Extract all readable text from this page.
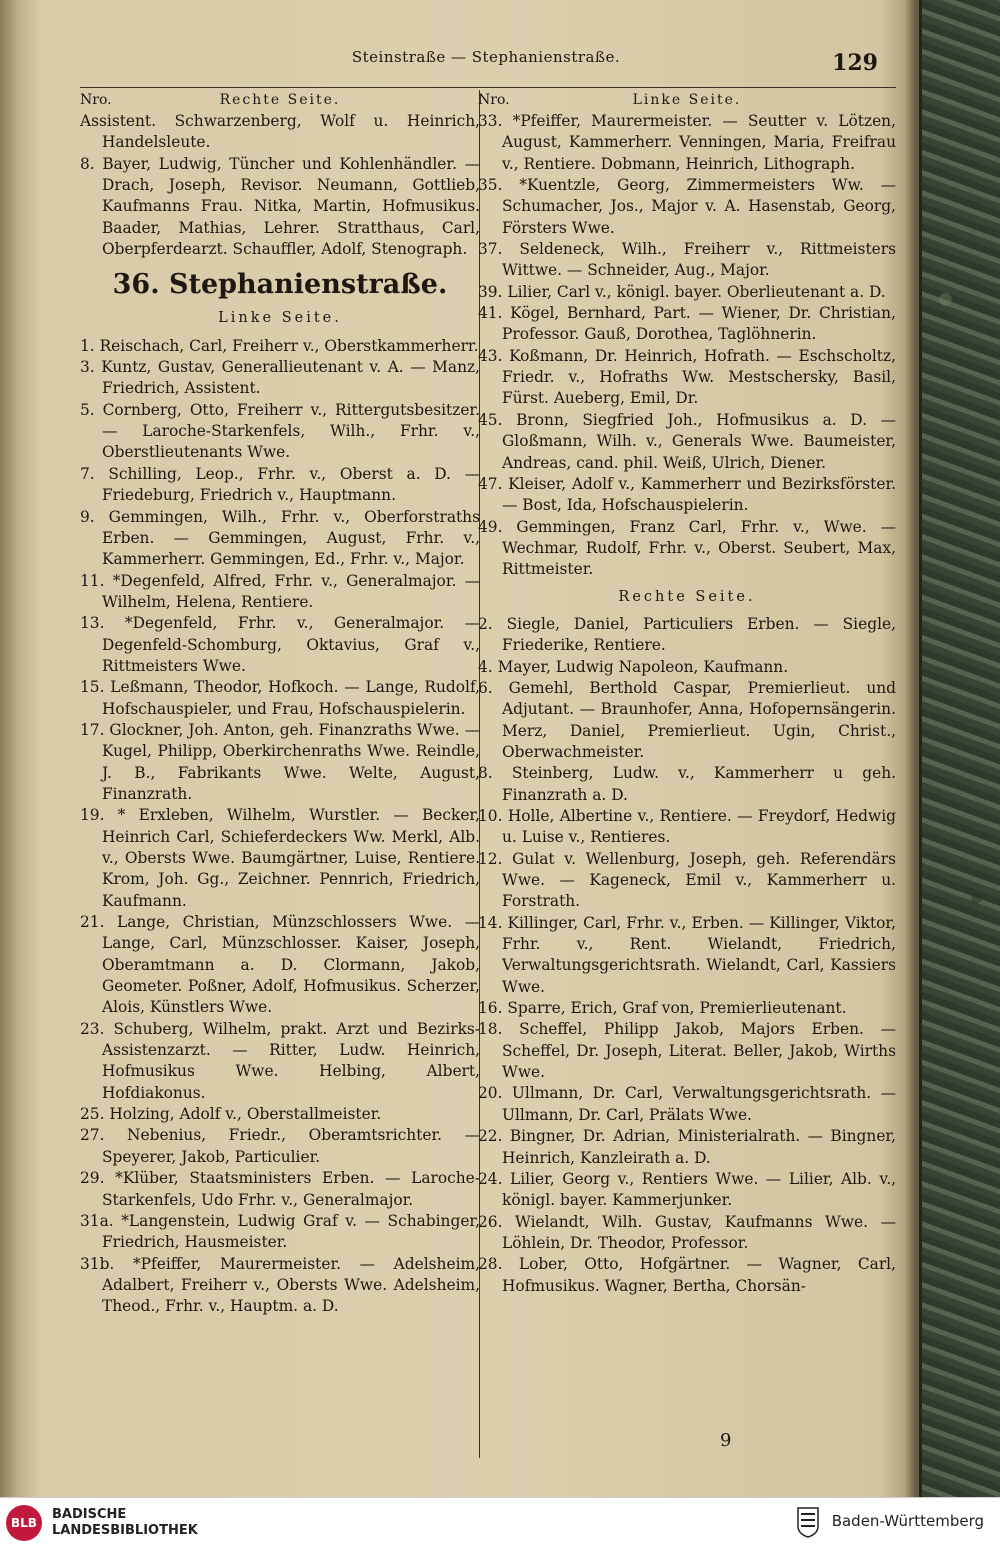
Steinstraße — Stephanienstraße.	129
Nro.	Rechte Seite.

Assistent. Schwarzenberg, Wolf u. Heinrich, Handelsleute.

8. Bayer, Ludwig, Tüncher und Kohlenhändler. — Drach, Joseph, Revisor. Neumann, Gottlieb, Kaufmanns Frau. Nitka, Martin, Hofmusikus. Baader, Mathias, Lehrer. Stratthaus, Carl, Oberpferdearzt. Schauffler, Adolf, Stenograph.

36. Stephanienstraße.
Linke Seite.

1. Reischach, Carl, Freiherr v., Oberstkammerherr.

3. Kuntz, Gustav, Generallieutenant v. A. — Manz, Friedrich, Assistent.

5. Cornberg, Otto, Freiherr v., Rittergutsbesitzer. — Laroche-Starkenfels, Wilh., Frhr. v., Oberstlieutenants Wwe.

7. Schilling, Leop., Frhr. v., Oberst a. D. — Friedeburg, Friedrich v., Hauptmann.

9. Gemmingen, Wilh., Frhr. v., Oberforstraths Erben. — Gemmingen, August, Frhr. v., Kammerherr. Gemmingen, Ed., Frhr. v., Major.

11. *Degenfeld, Alfred, Frhr. v., Generalmajor. — Wilhelm, Helena, Rentiere.

13. *Degenfeld, Frhr. v., Generalmajor. — Degenfeld-Schomburg, Oktavius, Graf v., Rittmeisters Wwe.

15. Leßmann, Theodor, Hofkoch. — Lange, Rudolf, Hofschauspieler, und Frau, Hofschauspielerin.

17. Glockner, Joh. Anton, geh. Finanzraths Wwe. — Kugel, Philipp, Oberkirchenraths Wwe. Reindle, J. B., Fabrikants Wwe. Welte, August, Finanzrath.

19. * Erxleben, Wilhelm, Wurstler. — Becker, Heinrich Carl, Schieferdeckers Ww. Merkl, Alb. v., Obersts Wwe. Baumgärtner, Luise, Rentiere. Krom, Joh. Gg., Zeichner. Pennrich, Friedrich, Kaufmann.

21. Lange, Christian, Münzschlossers Wwe. — Lange, Carl, Münzschlosser. Kaiser, Joseph, Oberamtmann a. D. Clormann, Jakob, Geometer. Poßner, Adolf, Hofmusikus. Scherzer, Alois, Künstlers Wwe.

23. Schuberg, Wilhelm, prakt. Arzt und Bezirks-Assistenzarzt. — Ritter, Ludw. Heinrich, Hofmusikus Wwe. Helbing, Albert, Hofdiakonus.

25. Holzing, Adolf v., Oberstallmeister.

27. Nebenius, Friedr., Oberamtsrichter. — Speyerer, Jakob, Particulier.

29. *Klüber, Staatsministers Erben. — Laroche-Starkenfels, Udo Frhr. v., Generalmajor.

31a. *Langenstein, Ludwig Graf v. — Schabinger, Friedrich, Hausmeister.

31b. *Pfeiffer, Maurermeister. — Adelsheim, Adalbert, Freiherr v., Obersts Wwe. Adelsheim, Theod., Frhr. v., Hauptm. a. D.

Nro.	Linke Seite.

33. *Pfeiffer, Maurermeister. — Seutter v. Lötzen, August, Kammerherr. Venningen, Maria, Freifrau v., Rentiere. Dobmann, Heinrich, Lithograph.

35. *Kuentzle, Georg, Zimmermeisters Ww. — Schumacher, Jos., Major v. A. Hasenstab, Georg, Försters Wwe.

37. Seldeneck, Wilh., Freiherr v., Rittmeisters Wittwe. — Schneider, Aug., Major.

39. Lilier, Carl v., königl. bayer. Oberlieutenant a. D.

41. Kögel, Bernhard, Part. — Wiener, Dr. Christian, Professor. Gauß, Dorothea, Taglöhnerin.

43. Koßmann, Dr. Heinrich, Hofrath. — Eschscholtz, Friedr. v., Hofraths Ww. Mestschersky, Basil, Fürst. Aueberg, Emil, Dr.

45. Bronn, Siegfried Joh., Hofmusikus a. D. — Gloßmann, Wilh. v., Generals Wwe. Baumeister, Andreas, cand. phil. Weiß, Ulrich, Diener.

47. Kleiser, Adolf v., Kammerherr und Bezirksförster. — Bost, Ida, Hofschauspielerin.

49. Gemmingen, Franz Carl, Frhr. v., Wwe. — Wechmar, Rudolf, Frhr. v., Oberst. Seubert, Max, Rittmeister.

Rechte Seite.

2. Siegle, Daniel, Particuliers Erben. — Siegle, Friederike, Rentiere.

4. Mayer, Ludwig Napoleon, Kaufmann.

6. Gemehl, Berthold Caspar, Premierlieut. und Adjutant. — Braunhofer, Anna, Hofopernsängerin. Merz, Daniel, Premierlieut. Ugin, Christ., Oberwachmeister.

8. Steinberg, Ludw. v., Kammerherr u geh. Finanzrath a. D.

10. Holle, Albertine v., Rentiere. — Freydorf, Hedwig u. Luise v., Rentieres.

12. Gulat v. Wellenburg, Joseph, geh. Referendärs Wwe. — Kageneck, Emil v., Kammerherr u. Forstrath.

14. Killinger, Carl, Frhr. v., Erben. — Killinger, Viktor, Frhr. v., Rent. Wielandt, Friedrich, Verwaltungsgerichtsrath. Wielandt, Carl, Kassiers Wwe.

16. Sparre, Erich, Graf von, Premierlieutenant.

18. Scheffel, Philipp Jakob, Majors Erben. — Scheffel, Dr. Joseph, Literat. Beller, Jakob, Wirths Wwe.

20. Ullmann, Dr. Carl, Verwaltungsgerichtsrath. — Ullmann, Dr. Carl, Prälats Wwe.

22. Bingner, Dr. Adrian, Ministerialrath. — Bingner, Heinrich, Kanzleirath a. D.

24. Lilier, Georg v., Rentiers Wwe. — Lilier, Alb. v., königl. bayer. Kammerjunker.

26. Wielandt, Wilh. Gustav, Kaufmanns Wwe. — Löhlein, Dr. Theodor, Professor.

28. Lober, Otto, Hofgärtner. — Wagner, Carl, Hofmusikus. Wagner, Bertha, Chorsän-

9
BLB
BADISCHE
LANDESBIBLIOTHEK
Baden-Württemberg
